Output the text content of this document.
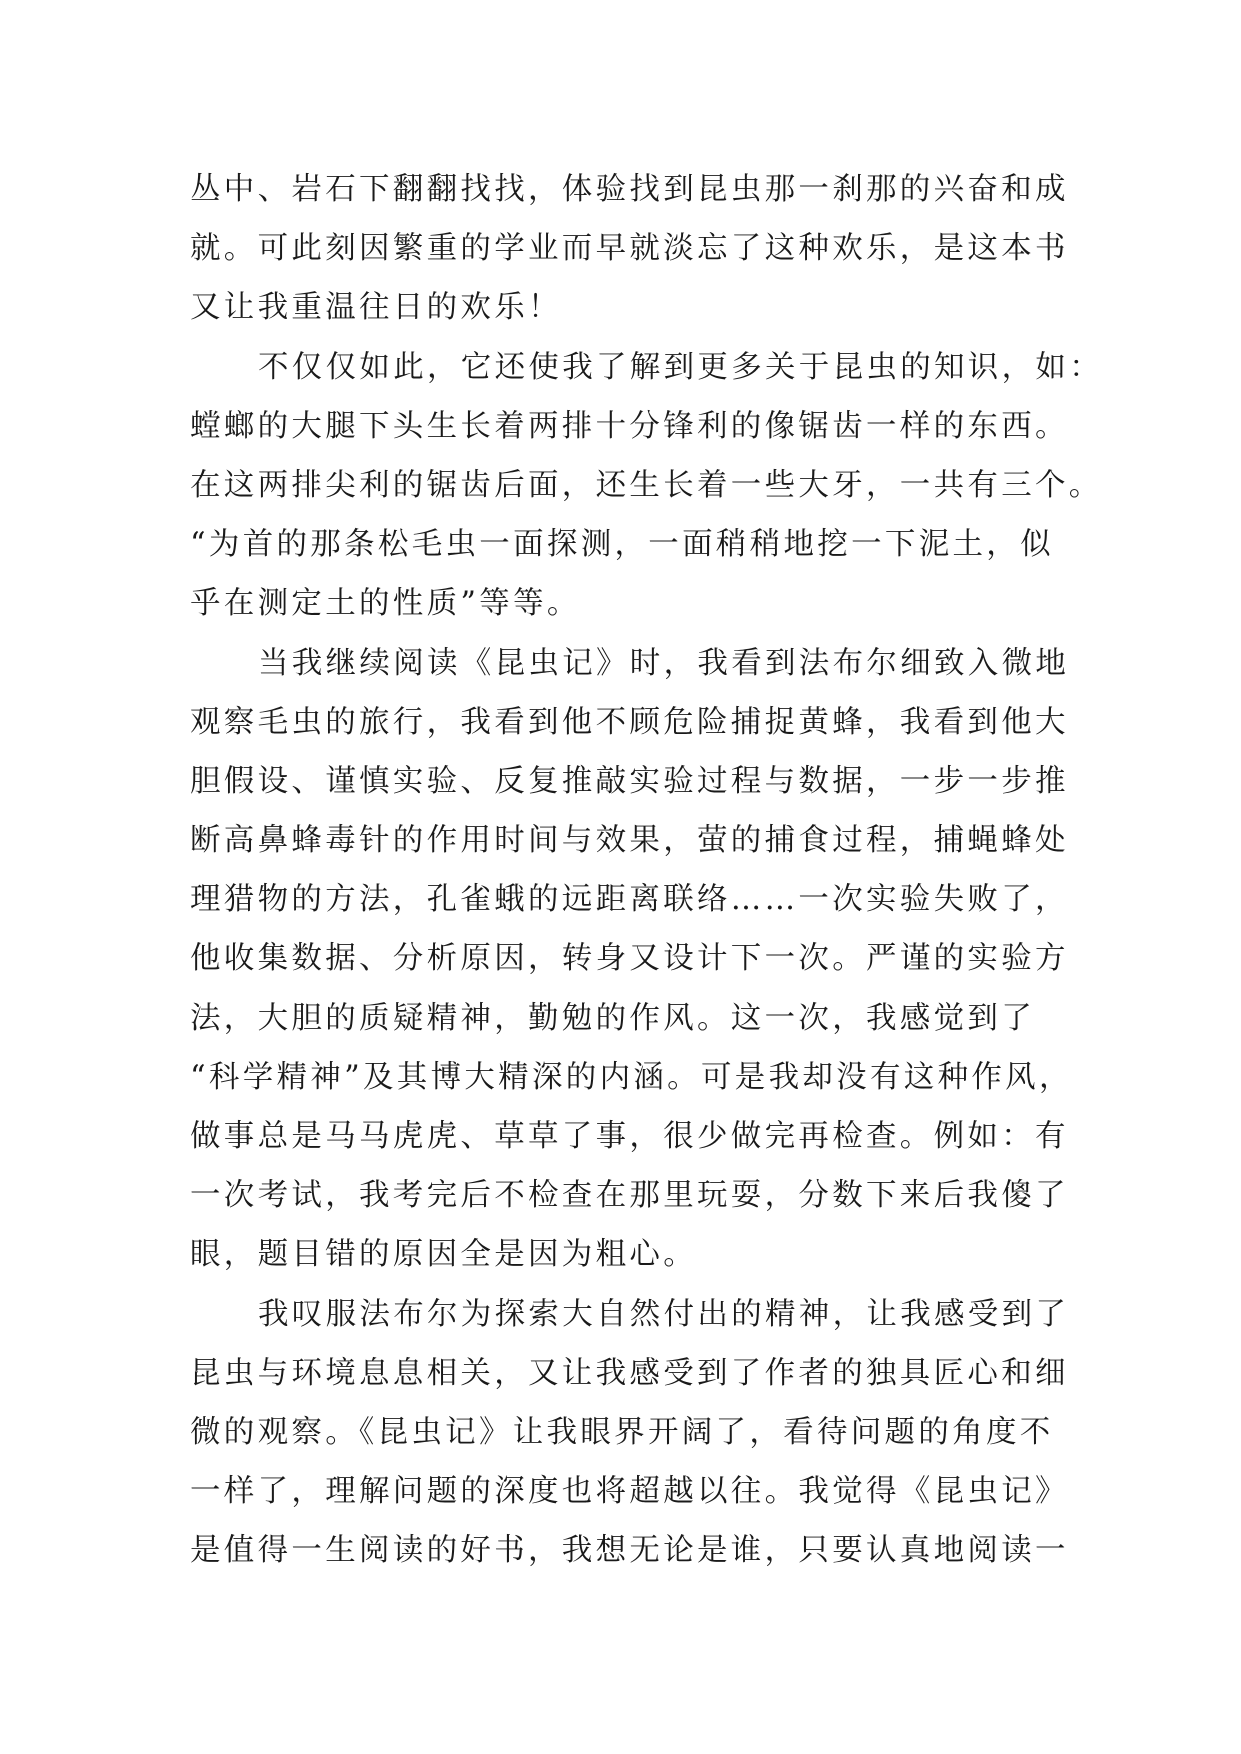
丛中、岩石下翻翻找找，体验找到昆虫那一刹那的兴奋和成
就。可此刻因繁重的学业而早就淡忘了这种欢乐，是这本书
又让我重温往日的欢乐！
不仅仅如此，它还使我了解到更多关于昆虫的知识，如：
螳螂的大腿下头生长着两排十分锋利的像锯齿一样的东西。
在这两排尖利的锯齿后面，还生长着一些大牙，一共有三个。
“为首的那条松毛虫一面探测，一面稍稍地挖一下泥土，似
乎在测定土的性质”等等。
当我继续阅读《昆虫记》时，我看到法布尔细致入微地
观察毛虫的旅行，我看到他不顾危险捕捉黄蜂，我看到他大
胆假设、谨慎实验、反复推敲实验过程与数据，一步一步推
断高鼻蜂毒针的作用时间与效果，萤的捕食过程，捕蝇蜂处
理猎物的方法，孔雀蛾的远距离联络……一次实验失败了，
他收集数据、分析原因，转身又设计下一次。严谨的实验方
法，大胆的质疑精神，勤勉的作风。这一次，我感觉到了
“科学精神”及其博大精深的内涵。可是我却没有这种作风，
做事总是马马虎虎、草草了事，很少做完再检查。例如：有
一次考试，我考完后不检查在那里玩耍，分数下来后我傻了
眼，题目错的原因全是因为粗心。
我叹服法布尔为探索大自然付出的精神，让我感受到了
昆虫与环境息息相关，又让我感受到了作者的独具匠心和细
微的观察。《昆虫记》让我眼界开阔了，看待问题的角度不
一样了，理解问题的深度也将超越以往。我觉得《昆虫记》
是值得一生阅读的好书，我想无论是谁，只要认真地阅读一
